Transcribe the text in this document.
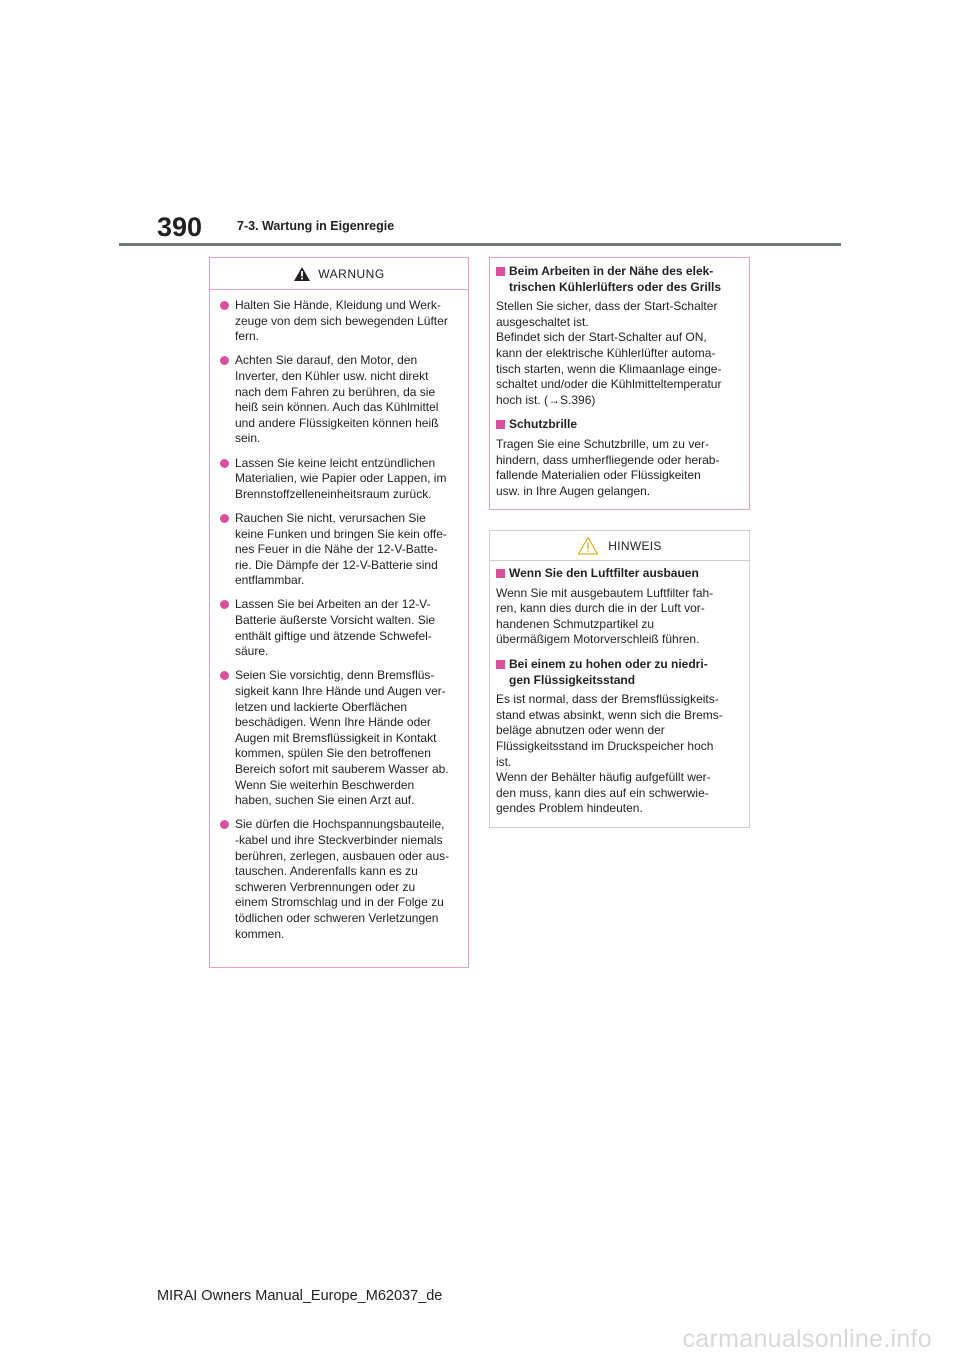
390	7-3. Wartung in Eigenregie
WARNUNG
Halten Sie Hände, Kleidung und Werk-
zeuge von dem sich bewegenden Lüfter
fern.
Achten Sie darauf, den Motor, den
Inverter, den Kühler usw. nicht direkt
nach dem Fahren zu berühren, da sie
heiß sein können. Auch das Kühlmittel
und andere Flüssigkeiten können heiß
sein.
Lassen Sie keine leicht entzündlichen
Materialien, wie Papier oder Lappen, im
Brennstoffzelleneinheitsraum zurück.
Rauchen Sie nicht, verursachen Sie
keine Funken und bringen Sie kein offe-
nes Feuer in die Nähe der 12-V-Batte-
rie. Die Dämpfe der 12-V-Batterie sind
entflammbar.
Lassen Sie bei Arbeiten an der 12-V-
Batterie äußerste Vorsicht walten. Sie
enthält giftige und ätzende Schwefel-
säure.
Seien Sie vorsichtig, denn Bremsflüs-
sigkeit kann Ihre Hände und Augen ver-
letzen und lackierte Oberflächen
beschädigen. Wenn Ihre Hände oder
Augen mit Bremsflüssigkeit in Kontakt
kommen, spülen Sie den betroffenen
Bereich sofort mit sauberem Wasser ab.
Wenn Sie weiterhin Beschwerden
haben, suchen Sie einen Arzt auf.
Sie dürfen die Hochspannungsbauteile,
-kabel und ihre Steckverbinder niemals
berühren, zerlegen, ausbauen oder aus-
tauschen. Anderenfalls kann es zu
schweren Verbrennungen oder zu
einem Stromschlag und in der Folge zu
tödlichen oder schweren Verletzungen
kommen.
Beim Arbeiten in der Nähe des elek-
trischen Kühlerlüfters oder des Grills
Stellen Sie sicher, dass der Start-Schalter
ausgeschaltet ist.
Befindet sich der Start-Schalter auf ON,
kann der elektrische Kühlerlüfter automa-
tisch starten, wenn die Klimaanlage einge-
schaltet und/oder die Kühlmitteltemperatur
hoch ist. (→S.396)
Schutzbrille
Tragen Sie eine Schutzbrille, um zu ver-
hindern, dass umherfliegende oder herab-
fallende Materialien oder Flüssigkeiten
usw. in Ihre Augen gelangen.
HINWEIS
Wenn Sie den Luftfilter ausbauen
Wenn Sie mit ausgebautem Luftfilter fah-
ren, kann dies durch die in der Luft vor-
handenen Schmutzpartikel zu
übermäßigem Motorverschleiß führen.
Bei einem zu hohen oder zu niedri-
gen Flüssigkeitsstand
Es ist normal, dass der Bremsflüssigkeits-
stand etwas absinkt, wenn sich die Brems-
beläge abnutzen oder wenn der
Flüssigkeitsstand im Druckspeicher hoch
ist.
Wenn der Behälter häufig aufgefüllt wer-
den muss, kann dies auf ein schwerwie-
gendes Problem hindeuten.
MIRAI Owners Manual_Europe_M62037_de
carmanualsonline.info
